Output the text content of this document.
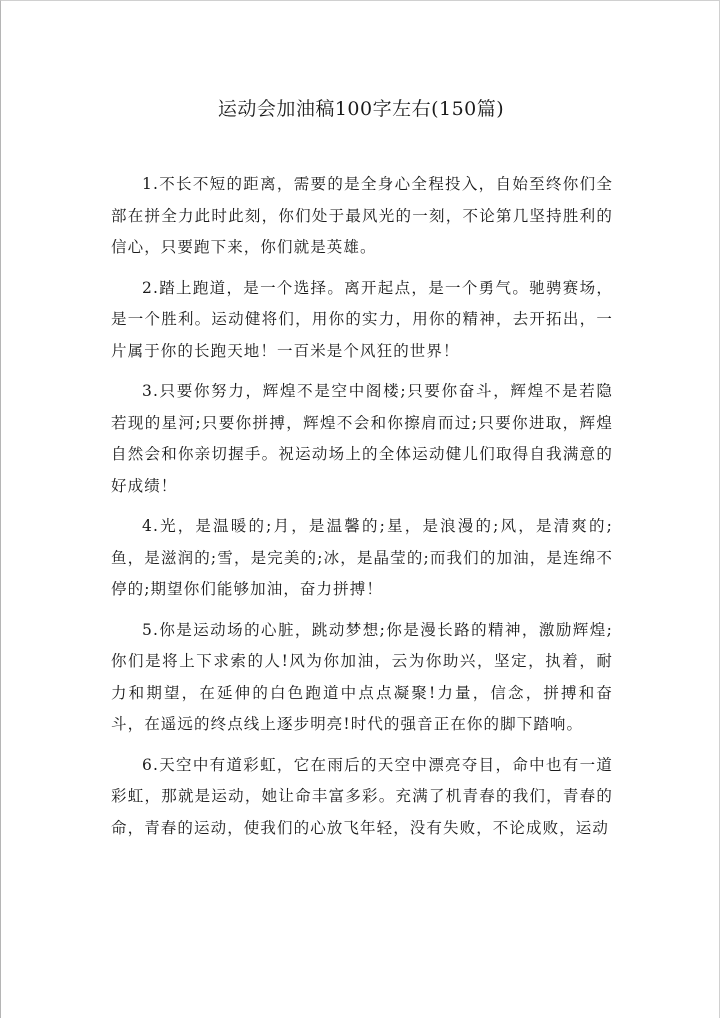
运动会加油稿100字左右(150篇)

1.不长不短的距离，需要的是全身心全程投入，自始至终你们全部在拼全力此时此刻，你们处于最风光的一刻，不论第几坚持胜利的信心，只要跑下来，你们就是英雄。

2.踏上跑道，是一个选择。离开起点，是一个勇气。驰骋赛场，是一个胜利。运动健将们，用你的实力，用你的精神，去开拓出，一片属于你的长跑天地！一百米是个风狂的世界！

3.只要你努力，辉煌不是空中阁楼;只要你奋斗，辉煌不是若隐若现的星河;只要你拼搏，辉煌不会和你擦肩而过;只要你进取，辉煌自然会和你亲切握手。祝运动场上的全体运动健儿们取得自我满意的好成绩！

4.光，是温暖的;月，是温馨的;星，是浪漫的;风，是清爽的;鱼，是滋润的;雪，是完美的;冰，是晶莹的;而我们的加油，是连绵不停的;期望你们能够加油，奋力拼搏！

5.你是运动场的心脏，跳动梦想;你是漫长路的精神，激励辉煌;你们是将上下求索的人!风为你加油，云为你助兴，坚定，执着，耐力和期望，在延伸的白色跑道中点点凝聚!力量，信念，拼搏和奋斗，在遥远的终点线上逐步明亮!时代的强音正在你的脚下踏响。

6.天空中有道彩虹，它在雨后的天空中漂亮夺目，命中也有一道彩虹，那就是运动，她让命丰富多彩。充满了机青春的我们，青春的命，青春的运动，使我们的心放飞年轻，没有失败，不论成败，运动
